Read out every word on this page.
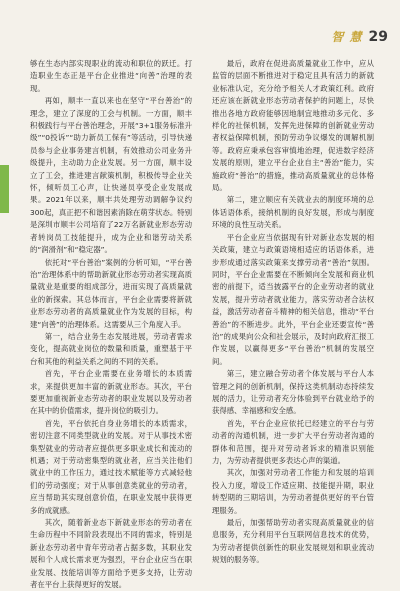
智 慧 29

够在生态内部实现职业的流动和职位的跃迁。打造职业生态正是平台企业推进“向善”治理的表现。

再如，顺丰一直以来也在坚守“平台善治”的理念，建立了深度的工会与机制。一方面，顺丰积极践行与平台善治理念，开展“3+1服务标准升级”“0投诉”“助力新员工保有”等活动，引导快递员参与企业事务建言机制，有效推动公司业务升级提升，主动助力企业发展。另一方面，顺丰设立了工会，推进建言献策机制，积极传导企业关怀，倾听员工心声，让快递员享受企业发展成果。2021年以来，顺丰共处理劳动调解争议约300起，真正把不和谐因素消除在萌芽状态。特别是深圳市顺丰公司培育了22万名新就业形态劳动者转岗员工技能提升，成为企业和谐劳动关系的“润滑剂”和“稳定器”。

依托对“平台善治”案例的分析可知，“平台善治”治理体系中的帮助新就业形态劳动者实现高质量就业是重要的组成部分，进而实现了高质量就业的新探索。其总体而言，平台企业需要将新就业形态劳动者的高质量就业作为发展的目标，构建“向善”的治理体系。这需要从三个角度入手。

第一，结合业务生态发展进展，劳动者需求变化，提高就业岗位的数量和质量，重塑基于平台和其他的利益关系之间的不同的关系。

首先，平台企业需要在业务增长的本质需求，来提供更加丰富的新就业形态。其次，平台要更加重视新业态劳动者的职业发展以及劳动者在其中的价值需求，提升岗位的吸引力。

首先，平台依托自身业务增长的本质需求，密切注意不同类型就业的发展。对于从事技术密集型就业的劳动者应提供更多职业成长和流动的机遇；对于劳动密集型的就业者，应当关注他们就业中的工作压力，通过技术赋能等方式减轻他们的劳动强度；对于从事创意类就业的劳动者，应当帮助其实现创意价值，在职业发展中获得更多的成就感。

其次，随着新业态下新就业形态的劳动者在生命历程中不同阶段表现出不同的需求，特别是新业态劳动者中青年劳动者占据多数，其职业发展和个人成长需求更为强烈，平台企业应当在职业发展、技能培训等方面给予更多支持，让劳动者在平台上获得更好的发展。

最后，政府在促进高质量就业工作中，应从监管的层面不断推进对于稳定且具有活力的新就业标准认定，充分给予相关人才政策红利。政府还应该在新就业形态劳动者保护的问题上，尽快推出各地方政府能够因地制宜地推动多元化、多样化的社保机制，发挥先进保障的创新就业劳动者权益保障机制，预防劳动争议爆发的调解机制等。政府应秉承包容审慎地治理，促进数字经济发展的原则，建立平台企业自主“善治”能力，实施政府“善治”的措施，推动高质量就业的总体格局。

第二，建立顺应有关就业去的制度环境的总体话语体系，接纳机制的良好发展，形成与制度环境的良性互动关系。

平台企业应当依据现有针对新业态发展的相关政策，建立与政策语境相适应的话语体系，进步形成通过落实政策来支撑劳动者“善治”氛围。同时，平台企业需要在不断倾向全发展和商业机密的前提下，适当披露平台的企业劳动者的就业发展，提升劳动者就业能力，落实劳动者合法权益，激活劳动者奋斗精神的相关信息，推动“平台善治”的不断进步。此外，平台企业还要宣传“善治”的成果向公众和社会展示，及时向政府汇报工作发展，以赢得更多“平台善治”机制的发展空间。

第三，建立融合劳动者个体发展与平台人本管理之间的创新机制，保持这类机制动态持续发展的活力，让劳动者充分体验到平台就业给予的获得感、幸福感和安全感。

首先，平台企业应依托已经建立的平台与劳动者的沟通机制，进一步扩大平台劳动者沟通的群体和范围，提升对劳动者诉求的精准识别能力，为劳动者提供更多表达心声的渠道。

其次，加强对劳动者工作能力和发展的培训投入力度，增设工作适应期、技能提升期，职业转型期的三期培训，为劳动者提供更好的平台管理服务。

最后，加强帮助劳动者实现高质量就业的信息服务，充分利用平台互联网信息技术的优势，为劳动者提供创新性的职业发展规划和职业流动规划的服务等。
